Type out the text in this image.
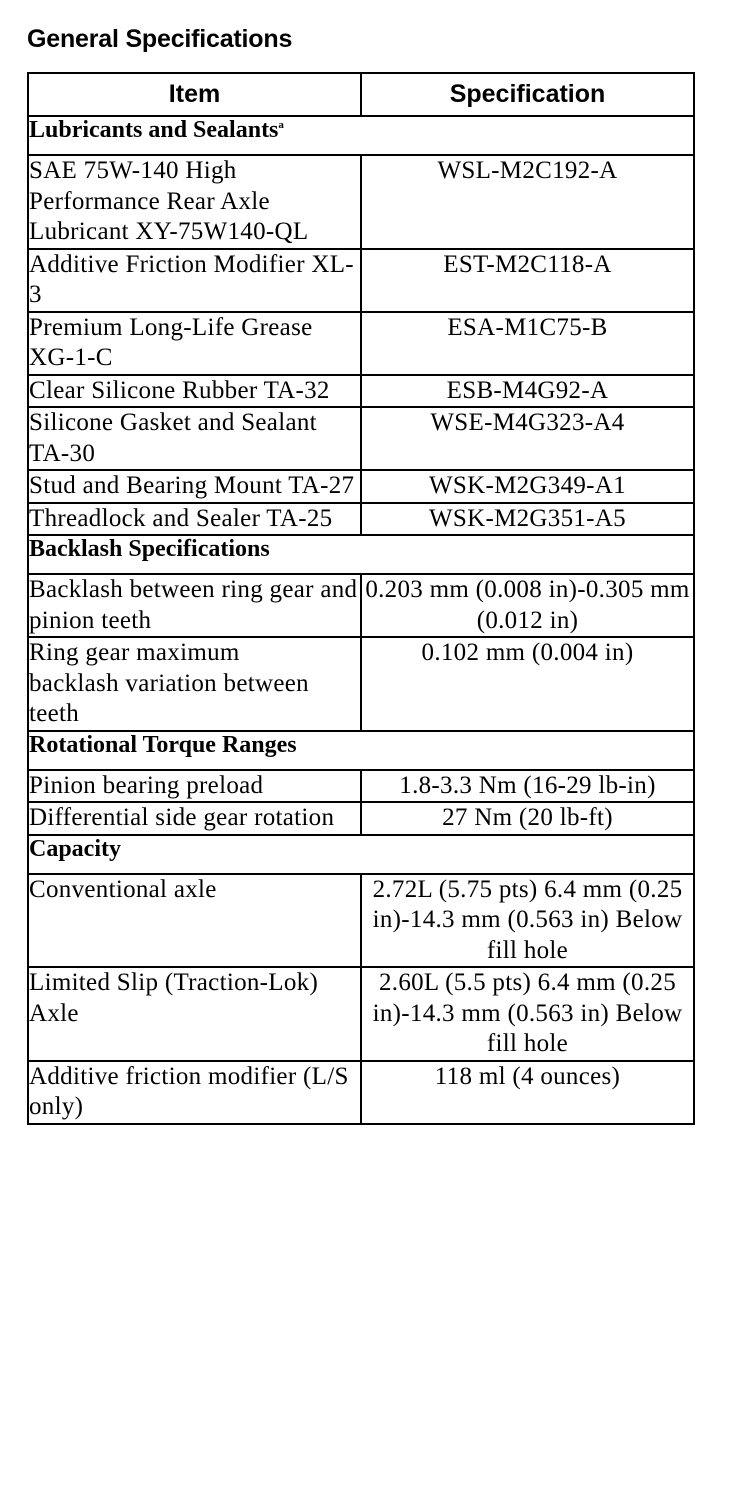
General Specifications
Item	Specification
Lubricants and Sealants$^a$
SAE 75W-140 High Performance Rear Axle Lubricant XY-75W140-QL	WSL-M2C192-A
Additive Friction Modifier XL-3	EST-M2C118-A
Premium Long-Life Grease XG-1-C	ESA-M1C75-B
Clear Silicone Rubber TA-32	ESB-M4G92-A
Silicone Gasket and Sealant TA-30	WSE-M4G323-A4
Stud and Bearing Mount TA-27	WSK-M2G349-A1
Threadlock and Sealer TA-25	WSK-M2G351-A5
Backlash Specifications	
Backlash between ring gear and pinion teeth	0.203 mm (0.008 in)-0.305 mm (0.012 in)
Ring gear maximum backlash variation between teeth	0.102 mm (0.004 in)
Rotational Torque Ranges	
Pinion bearing preload	1.8-3.3 Nm (16-29 lb-in)
Differential side gear rotation	27 Nm (20 lb-ft)
Capacity	
Conventional axle	2.72L (5.75 pts) 6.4 mm (0.25 in)-14.3 mm (0.563 in) Below fill hole
Limited Slip (Traction-Lok) Axle	2.60L (5.5 pts) 6.4 mm (0.25 in)-14.3 mm (0.563 in) Below fill hole
Additive friction modifier (L/S only)	118 ml (4 ounces)
